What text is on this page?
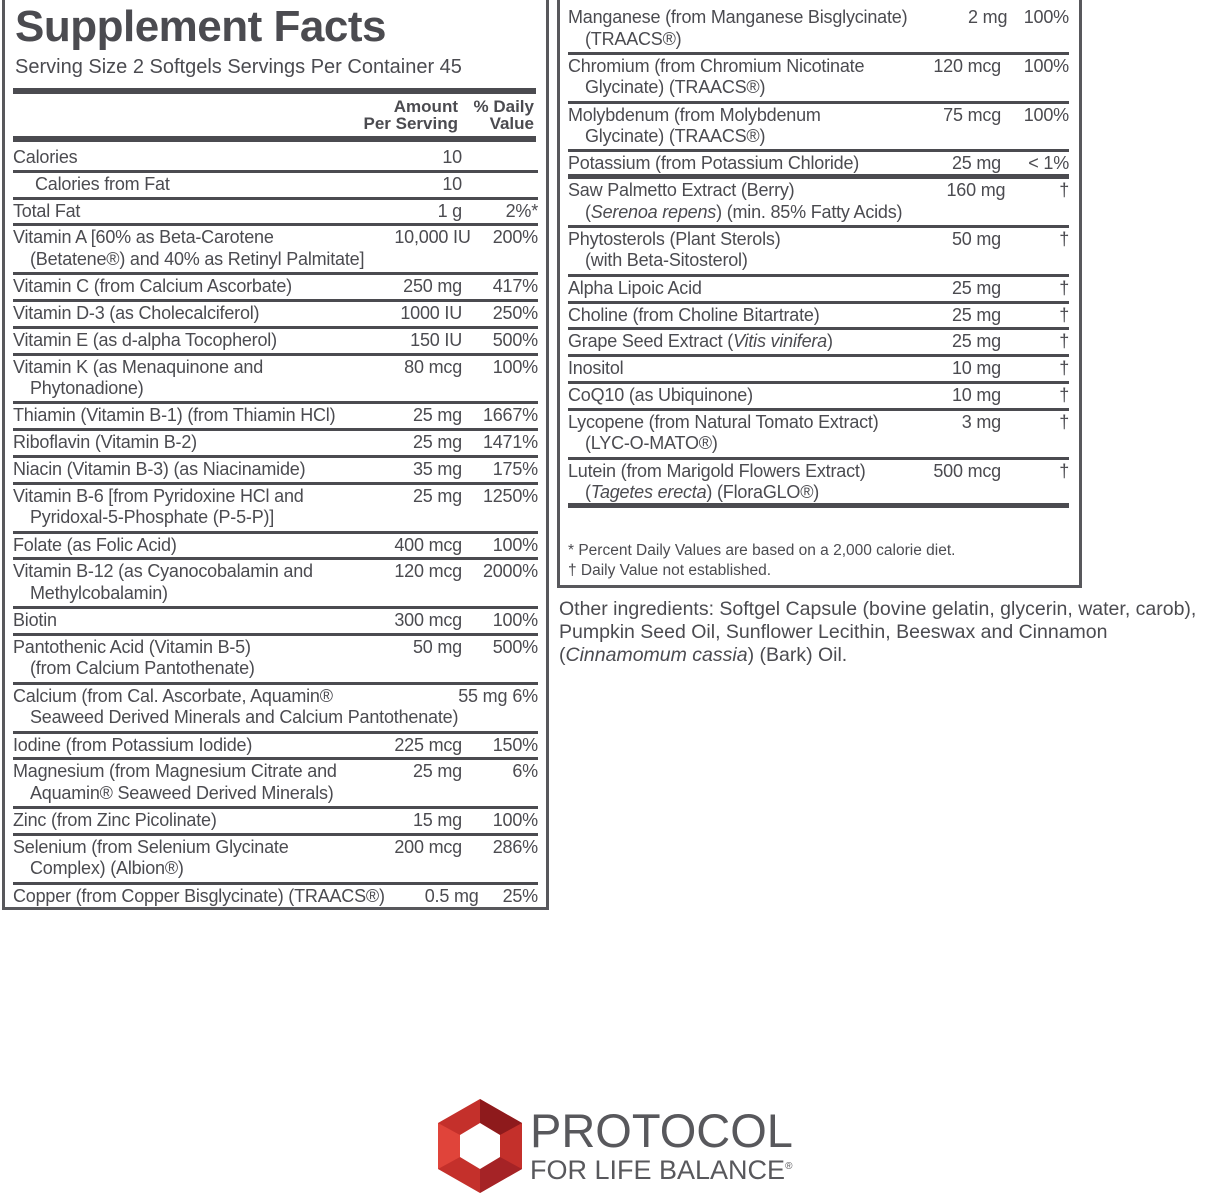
Supplement Facts
Serving Size 2 Softgels Servings Per Container 45
Amount
Per Serving
% Daily
Value
Calories	10
Calories from Fat	10
Total Fat	1 g	2%*
Vitamin A [60% as Beta-Carotene
(Betatene®) and 40% as Retinyl Palmitate]
10,000 IU	200%
Vitamin C (from Calcium Ascorbate)	250 mg	417%
Vitamin D-3 (as Cholecalciferol)	1000 IU	250%
Vitamin E (as d-alpha Tocopherol)	150 IU	500%
Vitamin K (as Menaquinone and
Phytonadione)
80 mcg	100%
Thiamin (Vitamin B-1) (from Thiamin HCl)	25 mg	1667%
Riboflavin (Vitamin B-2)	25 mg	1471%
Niacin (Vitamin B-3) (as Niacinamide)	35 mg	175%
Vitamin B-6 [from Pyridoxine HCl and
Pyridoxal-5-Phosphate (P-5-P)]
25 mg	1250%
Folate (as Folic Acid)	400 mcg	100%
Vitamin B-12 (as Cyanocobalamin and
Methylcobalamin)
120 mcg	2000%
Biotin	300 mcg	100%
Pantothenic Acid (Vitamin B-5)
(from Calcium Pantothenate)
50 mg	500%
Calcium (from Cal. Ascorbate, Aquamin®
Seaweed Derived Minerals and Calcium Pantothenate)
55 mg 6%
Iodine (from Potassium Iodide)	225 mcg	150%
Magnesium (from Magnesium Citrate and
Aquamin® Seaweed Derived Minerals)
25 mg	6%
Zinc (from Zinc Picolinate)	15 mg	100%
Selenium (from Selenium Glycinate
Complex) (Albion®)
200 mcg	286%
Copper (from Copper Bisglycinate) (TRAACS®)	0.5 mg	25%
Manganese (from Manganese Bisglycinate)
(TRAACS®)
2 mg 100%
Chromium (from Chromium Nicotinate
Glycinate) (TRAACS®)
120 mcg	100%
Molybdenum (from Molybdenum
Glycinate) (TRAACS®)
75 mcg	100%
Potassium (from Potassium Chloride)	25 mg	< 1%
Saw Palmetto Extract (Berry)
(Serenoa repens) (min. 85% Fatty Acids)
160 mg	†
Phytosterols (Plant Sterols)
(with Beta-Sitosterol)
50 mg	†
Alpha Lipoic Acid	25 mg	†
Choline (from Choline Bitartrate)	25 mg	†
Grape Seed Extract (Vitis vinifera)	25 mg	†
Inositol	10 mg	†
CoQ10 (as Ubiquinone)	10 mg	†
Lycopene (from Natural Tomato Extract)
(LYC-O-MATO®)
3 mg	†
Lutein (from Marigold Flowers Extract)
(Tagetes erecta) (FloraGLO®)
500 mcg	†
* Percent Daily Values are based on a 2,000 calorie diet.
† Daily Value not established.
Other ingredients: Softgel Capsule (bovine gelatin, glycerin, water, carob), Pumpkin Seed Oil, Sunflower Lecithin, Beeswax and Cinnamon (Cinnamomum cassia) (Bark) Oil.
PROTOCOL
FOR LIFE BALANCE®
